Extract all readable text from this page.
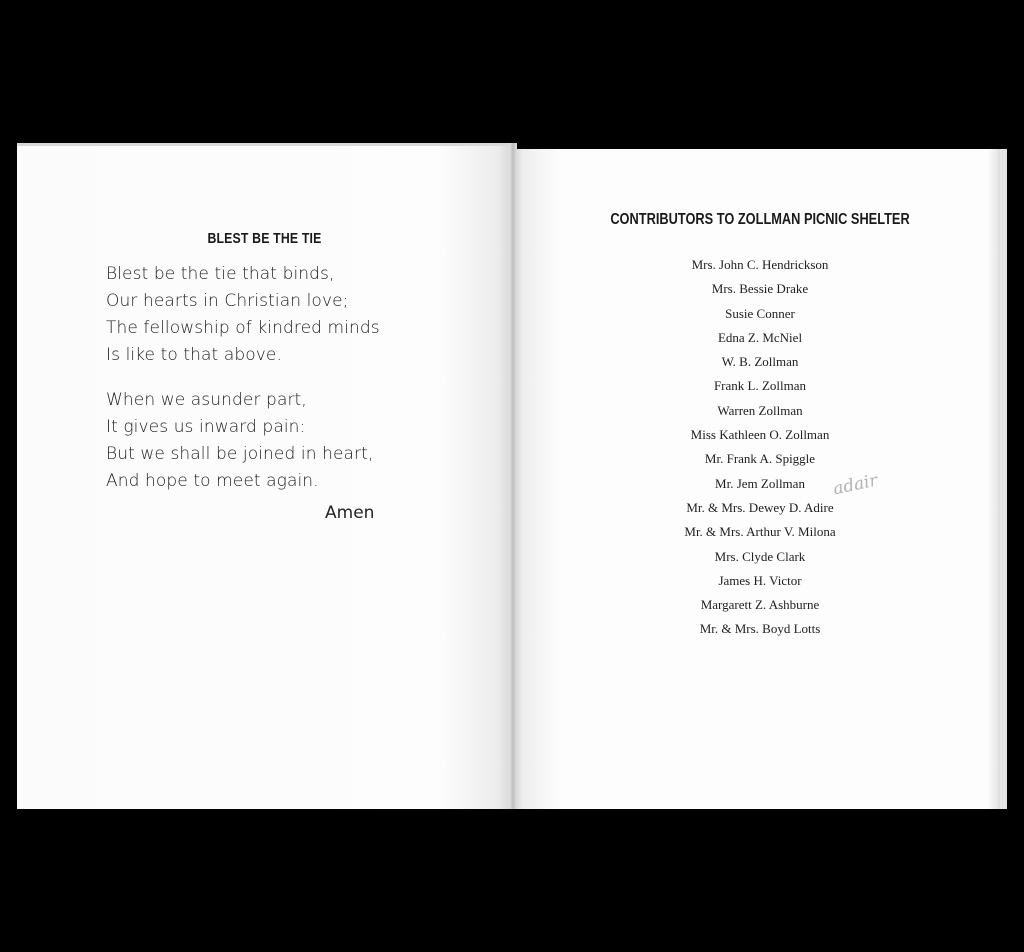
BLEST BE THE TIE
Blest be the tie that binds,
Our hearts in Christian love;
The fellowship of kindred minds
Is like to that above.
When we asunder part,
It gives us inward pain:
But we shall be joined in heart,
And hope to meet again.
Amen
CONTRIBUTORS TO ZOLLMAN PICNIC SHELTER
Mrs. John C. Hendrickson
Mrs. Bessie Drake
Susie Conner
Edna Z. McNiel
W. B. Zollman
Frank L. Zollman
Warren Zollman
Miss Kathleen O. Zollman
Mr. Frank A. Spiggle
Mr. Jem Zollman
Mr. & Mrs. Dewey D. Adire
Mr. & Mrs. Arthur V. Milona
Mrs. Clyde Clark
James H. Victor
Margarett Z. Ashburne
Mr. & Mrs. Boyd Lotts
adair
